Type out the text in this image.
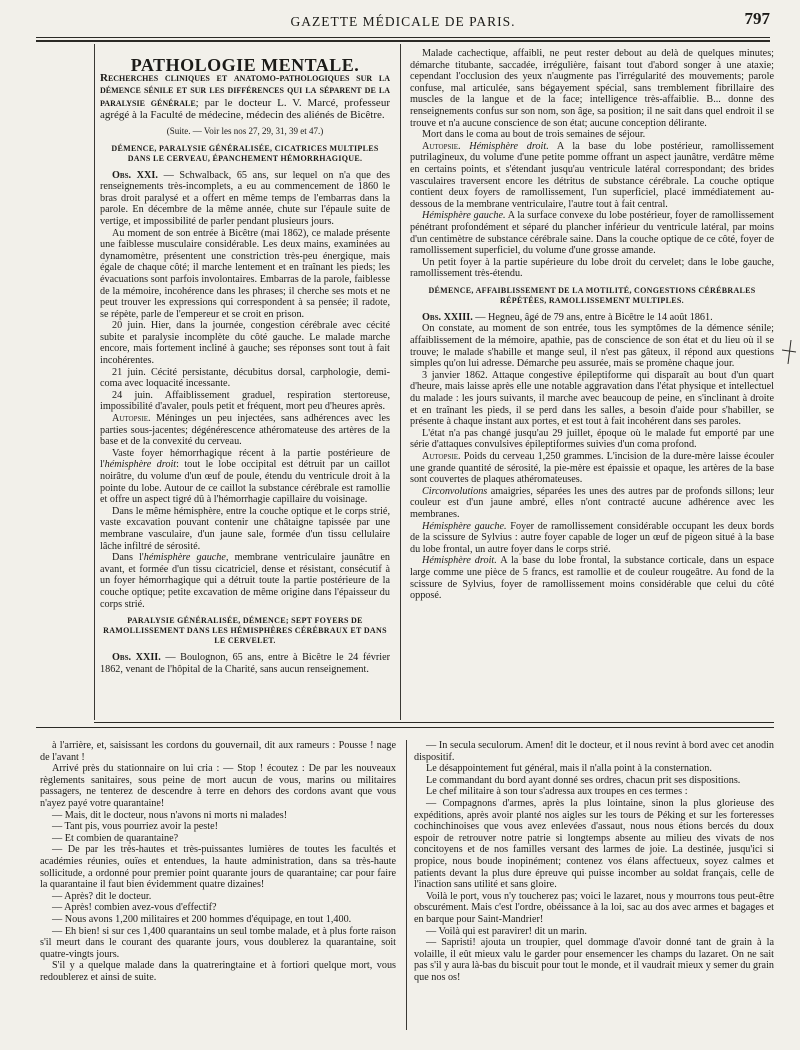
GAZETTE MÉDICALE DE PARIS.	797

PATHOLOGIE MENTALE.

Recherches cliniques et anatomo-pathologiques sur la démence sénile et sur les différences qui la séparent de la paralysie générale; par le docteur L. V. Marcé, professeur agrégé à la Faculté de médecine, médecin des aliénés de Bicêtre.

(Suite. — Voir les nos 27, 29, 31, 39 et 47.)

DÉMENCE, PARALYSIE GÉNÉRALISÉE, CICATRICES MULTIPLES DANS LE CERVEAU, ÉPANCHEMENT HÉMORRHAGIQUE.

Obs. XXI. — Schwalback, 65 ans, sur lequel on n'a que des renseignements très-incomplets, a eu au commencement de 1860 le bras droit paralysé et a offert en même temps de l'embarras dans la parole. En décembre de la même année, chute sur l'épaule suite de vertige, et impossibilité de parler pendant plusieurs jours.

Au moment de son entrée à Bicêtre (mai 1862), ce malade présente une faiblesse musculaire considérable. Les deux mains, examinées au dynamomètre, présentent une constriction très-peu énergique, mais égale de chaque côté; il marche lentement et en traînant les pieds; les évacuations sont parfois involontaires. Embarras de la parole, faiblesse de la mémoire, incohérence dans les phrases; il cherche ses mots et ne peut trouver les expressions qui correspondent à sa pensée; il radote, se répète, parle de l'empereur et se croit en prison.

20 juin. Hier, dans la journée, congestion cérébrale avec cécité subite et paralysie incomplète du côté gauche. Le malade marche encore, mais fortement incliné à gauche; ses réponses sont tout à fait incohérentes.

21 juin. Cécité persistante, décubitus dorsal, carphologie, demi-coma avec loquacité incessante.

24 juin. Affaiblissement graduel, respiration stertoreuse, impossibilité d'avaler, pouls petit et fréquent, mort peu d'heures après.

Autopsie. Méninges un peu injectées, sans adhérences avec les parties sous-jacentes; dégénérescence athéromateuse des artères de la base et de la convexité du cerveau.

Vaste foyer hémorrhagique récent à la partie postérieure de l'hémisphère droit: tout le lobe occipital est détruit par un caillot noirâtre, du volume d'un œuf de poule, étendu du ventricule droit à la pointe du lobe. Autour de ce caillot la substance cérébrale est ramollie et offre un aspect tigré dû à l'hémorrhagie capillaire du voisinage.

Dans le même hémisphère, entre la couche optique et le corps strié, vaste excavation pouvant contenir une châtaigne tapissée par une membrane vasculaire, d'un jaune sale, formée d'un tissu cellulaire lâche infiltré de sérosité.

Dans l'hémisphère gauche, membrane ventriculaire jaunâtre en avant, et formée d'un tissu cicatriciel, dense et résistant, consécutif à un foyer hémorrhagique qui a détruit toute la partie postérieure de la couche optique; petite excavation de même origine dans l'épaisseur du corps strié.

PARALYSIE GÉNÉRALISÉE, DÉMENCE; SEPT FOYERS DE RAMOLLISSEMENT DANS LES HÉMISPHÈRES CÉRÉBRAUX ET DANS LE CERVELET.

Obs. XXII. — Boulognon, 65 ans, entre à Bicêtre le 24 février 1862, venant de l'hôpital de la Charité, sans aucun renseignement.

Malade cachectique, affaibli, ne peut rester debout au delà de quelques minutes; démarche titubante, saccadée, irrégulière, faisant tout d'abord songer à une ataxie; cependant l'occlusion des yeux n'augmente pas l'irrégularité des mouvements; parole confuse, mal articulée, sans bégayement spécial, sans tremblement fibrillaire des muscles de la langue et de la face; intelligence très-affaiblie. B... donne des renseignements confus sur son nom, son âge, sa position; il ne sait dans quel endroit il se trouve et n'a aucune conscience de son état; aucune conception délirante.

Mort dans le coma au bout de trois semaines de séjour.

Autopsie. Hémisphère droit. A la base du lobe postérieur, ramollissement putrilagineux, du volume d'une petite pomme offrant un aspect jaunâtre, verdâtre même en certains points, et s'étendant jusqu'au ventricule latéral correspondant; des brides vasculaires traversent encore les détritus de substance cérébrale. La couche optique contient deux foyers de ramollissement, l'un superficiel, placé immédiatement au-dessous de la membrane ventriculaire, l'autre tout à fait central.

Hémisphère gauche. A la surface convexe du lobe postérieur, foyer de ramollissement pénétrant profondément et séparé du plancher inférieur du ventricule latéral, par moins d'un centimètre de substance cérébrale saine. Dans la couche optique de ce côté, foyer de ramollissement superficiel, du volume d'une grosse amande.

Un petit foyer à la partie supérieure du lobe droit du cervelet; dans le lobe gauche, ramollissement très-étendu.

DÉMENCE, AFFAIBLISSEMENT DE LA MOTILITÉ, CONGESTIONS CÉRÉBRALES RÉPÉTÉES, RAMOLLISSEMENT MULTIPLES.

Obs. XXIII. — Hegneu, âgé de 79 ans, entre à Bicêtre le 14 août 1861.

On constate, au moment de son entrée, tous les symptômes de la démence sénile; affaiblissement de la mémoire, apathie, pas de conscience de son état et du lieu où il se trouve; le malade s'habille et mange seul, il n'est pas gâteux, il répond aux questions simples qu'on lui adresse. Démarche peu assurée, mais se promène chaque jour.

3 janvier 1862. Attaque congestive épileptiforme qui disparaît au bout d'un quart d'heure, mais laisse après elle une notable aggravation dans l'état physique et intellectuel du malade : les jours suivants, il marche avec beaucoup de peine, en s'inclinant à droite et en traînant les pieds, il se perd dans les salles, a besoin d'aide pour s'habiller, se présente à chaque instant aux portes, et est tout à fait incohérent dans ses paroles.

L'état n'a pas changé jusqu'au 29 juillet, époque où le malade fut emporté par une série d'attaques convulsives épileptiformes suivies d'un coma profond.

Autopsie. Poids du cerveau 1,250 grammes. L'incision de la dure-mère laisse écouler une grande quantité de sérosité, la pie-mère est épaissie et opaque, les artères de la base sont couvertes de plaques athéromateuses.

Circonvolutions amaigries, séparées les unes des autres par de profonds sillons; leur couleur est d'un jaune ambré, elles n'ont contracté aucune adhérence avec les membranes.

Hémisphère gauche. Foyer de ramollissement considérable occupant les deux bords de la scissure de Sylvius : autre foyer capable de loger un œuf de pigeon situé à la base du lobe frontal, un autre foyer dans le corps strié.

Hémisphère droit. A la base du lobe frontal, la substance corticale, dans un espace large comme une pièce de 5 francs, est ramollie et de couleur rougeâtre. Au fond de la scissure de Sylvius, foyer de ramollissement moins considérable que celui du côté opposé.

à l'arrière, et, saisissant les cordons du gouvernail, dit aux rameurs : Pousse ! nage de l'avant !

Arrivé près du stationnaire on lui cria : — Stop ! écoutez : De par les nouveaux règlements sanitaires, sous peine de mort aucun de vous, marins ou militaires passagers, ne tenterez de descendre à terre en dehors des cordons avant que vous n'ayez payé votre quarantaine!

— Mais, dit le docteur, nous n'avons ni morts ni malades!

— Tant pis, vous pourriez avoir la peste!

— Et combien de quarantaine?

— De par les très-hautes et très-puissantes lumières de toutes les facultés et académies réunies, ouïes et entendues, la haute administration, dans sa très-haute sollicitude, a ordonné pour premier point quarante jours de quarantaine; car pour faire la quarantaine il faut bien évidemment quatre dizaines!

— Après? dit le docteur.

— Après! combien avez-vous d'effectif?

— Nous avons 1,200 militaires et 200 hommes d'équipage, en tout 1,400.

— Eh bien! si sur ces 1,400 quarantains un seul tombe malade, et à plus forte raison s'il meurt dans le courant des quarante jours, vous doublerez la quarantaine, soit quatre-vingts jours.

S'il y a quelque malade dans la quatreringtaine et à fortiori quelque mort, vous redoublerez et ainsi de suite.

— In secula seculorum. Amen! dit le docteur, et il nous revint à bord avec cet anodin dispositif.

Le désappointement fut général, mais il n'alla point à la consternation.

Le commandant du bord ayant donné ses ordres, chacun prit ses dispositions.

Le chef militaire à son tour s'adressa aux troupes en ces termes :

— Compagnons d'armes, après la plus lointaine, sinon la plus glorieuse des expéditions, après avoir planté nos aigles sur les tours de Péking et sur les forteresses cochinchinoises que vous avez enlevées d'assaut, nous nous étions bercés du doux espoir de retrouver notre patrie si longtemps absente au milieu des vivats de nos concitoyens et de nos familles versant des larmes de joie. La destinée, jusqu'ici si propice, nous boude inopinément; contenez vos élans affectueux, soyez calmes et patients devant la plus dure épreuve qui puisse incomber au soldat français, celle de l'inaction sans utilité et sans gloire.

Voilà le port, vous n'y toucherez pas; voici le lazaret, nous y mourrons tous peut-être obscurément. Mais c'est l'ordre, obéissance à la loi, sac au dos avec armes et bagages et en barque pour Saint-Mandrier!

— Voilà qui est paravirer! dit un marin.

— Sapristi! ajouta un troupier, quel dommage d'avoir donné tant de grain à la volaille, il eût mieux valu le garder pour ensemencer les champs du lazaret. On ne sait pas s'il y aura là-bas du biscuit pour tout le monde, et il vaudrait mieux y semer du grain que nos os!
